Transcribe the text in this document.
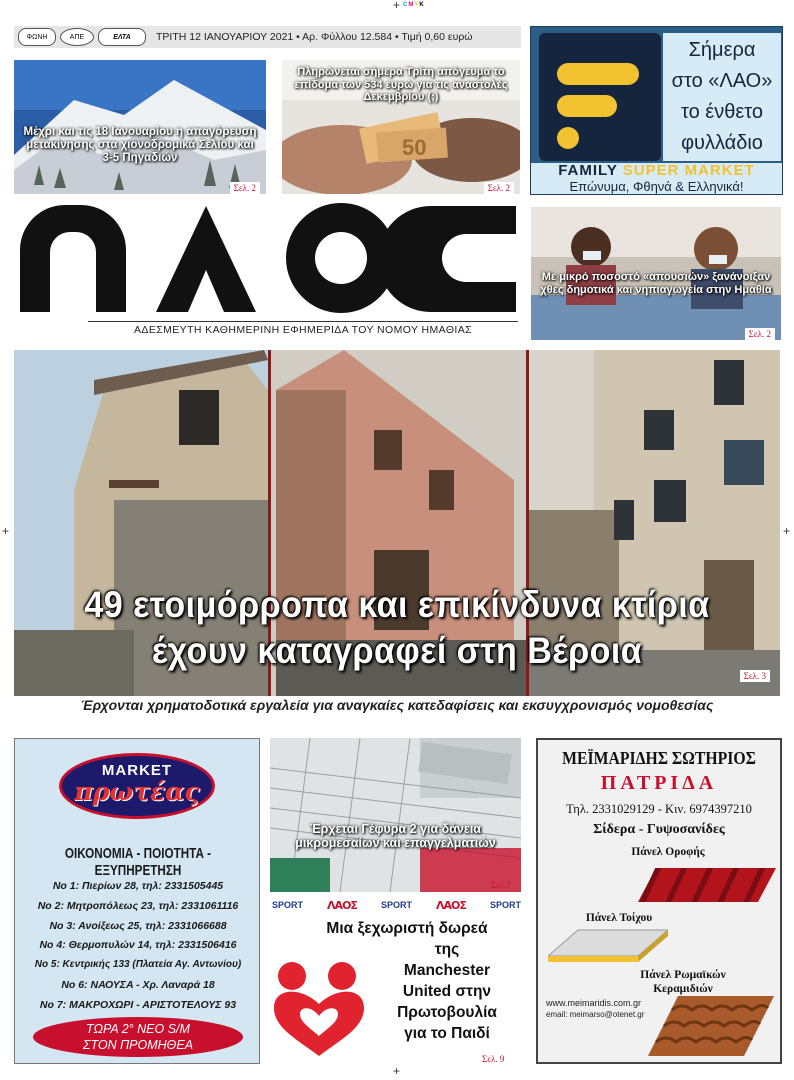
+ CMYK
+	+
+
ΦΩΝΗ	ΑΠΕ	ΕΛΤΑ	ΤΡΙΤΗ 12 ΙΑΝΟΥΑΡΙΟΥ 2021 • Αρ. Φύλλου 12.584 • Τιμή 0,60 ευρώ
Μέχρι και τις 18 Ιανουαρίου η απαγόρευση μετακίνησης στα χιονοδρομικά Σελίου και 3-5 Πηγαδιών
Σελ. 2
50
Πληρώνεται σήμερα Τρίτη απόγευμα το επίδομα των 534 ευρώ για τις αναστολές Δεκεμβρίου (;)
Σελ. 2
Σήμερα
στο «ΛΑΟ»
το ένθετο
φυλλάδιο
FAMILY SUPER MARKET
Επώνυμα, Φθηνά & Ελληνικά!
ΑΔΕΣΜΕΥΤΗ ΚΑΘΗΜΕΡΙΝΗ ΕΦΗΜΕΡΙΔΑ ΤΟΥ ΝΟΜΟΥ ΗΜΑΘΙΑΣ
Με μικρό ποσοστό «απουσιών» ξανάνοιξαν χθες δημοτικά και νηπιαγωγεία στην Ημαθία
Σελ. 2
49 ετοιμόρροπα και επικίνδυνα κτίρια
έχουν καταγραφεί στη Βέροια
Σελ. 3
Έρχονται χρηματοδοτικά εργαλεία για αναγκαίες κατεδαφίσεις και εκσυγχρονισμός νομοθεσίας
MARKET
πρωτέας
ΟΙΚΟΝΟΜΙΑ - ΠΟΙΟΤΗΤΑ - ΕΞΥΠΗΡΕΤΗΣΗ
Νο 1: Πιερίων 28, τηλ: 2331505445
Νο 2: Μητροπόλεως 23, τηλ: 2331061116
Νο 3: Ανοίξεως 25, τηλ: 2331066688
Νο 4: Θερμοπυλών 14, τηλ: 2331506416
Νο 5: Κεντρικής 133 (Πλατεία Αγ. Αντωνίου)
Νο 6: ΝΑΟΥΣΑ - Χρ. Λαναρά 18
Νο 7: ΜΑΚΡΟΧΩΡΙ - ΑΡΙΣΤΟΤΕΛΟΥΣ 93
ΤΩΡΑ 2° ΝΕΟ S/M
ΣΤΟΝ ΠΡΟΜΗΘΕΑ
Έρχεται Γέφυρα 2 για δάνεια μικρομεσαίων και επαγγελματιών
Σελ.7
SPORT ΛΑΟΣ	SPORT ΛΑΟΣ	SPORT
Μια ξεχωριστή δωρεά
της
Manchester
United στην
Πρωτοβουλία
για το Παιδί
Σελ. 9
ΜΕΪΜΑΡΙΔΗΣ ΣΩΤΗΡΙΟΣ
ΠΑΤΡΙΔΑ
Τηλ. 2331029129 - Κιν. 6974397210
Σίδερα - Γυψοσανίδες
Πάνελ Οροφής
Πάνελ Τοίχου
Πάνελ Ρωμαϊκών
Κεραμιδιών
www.meimaridis.com.gr
email: meimarso@otenet.gr
